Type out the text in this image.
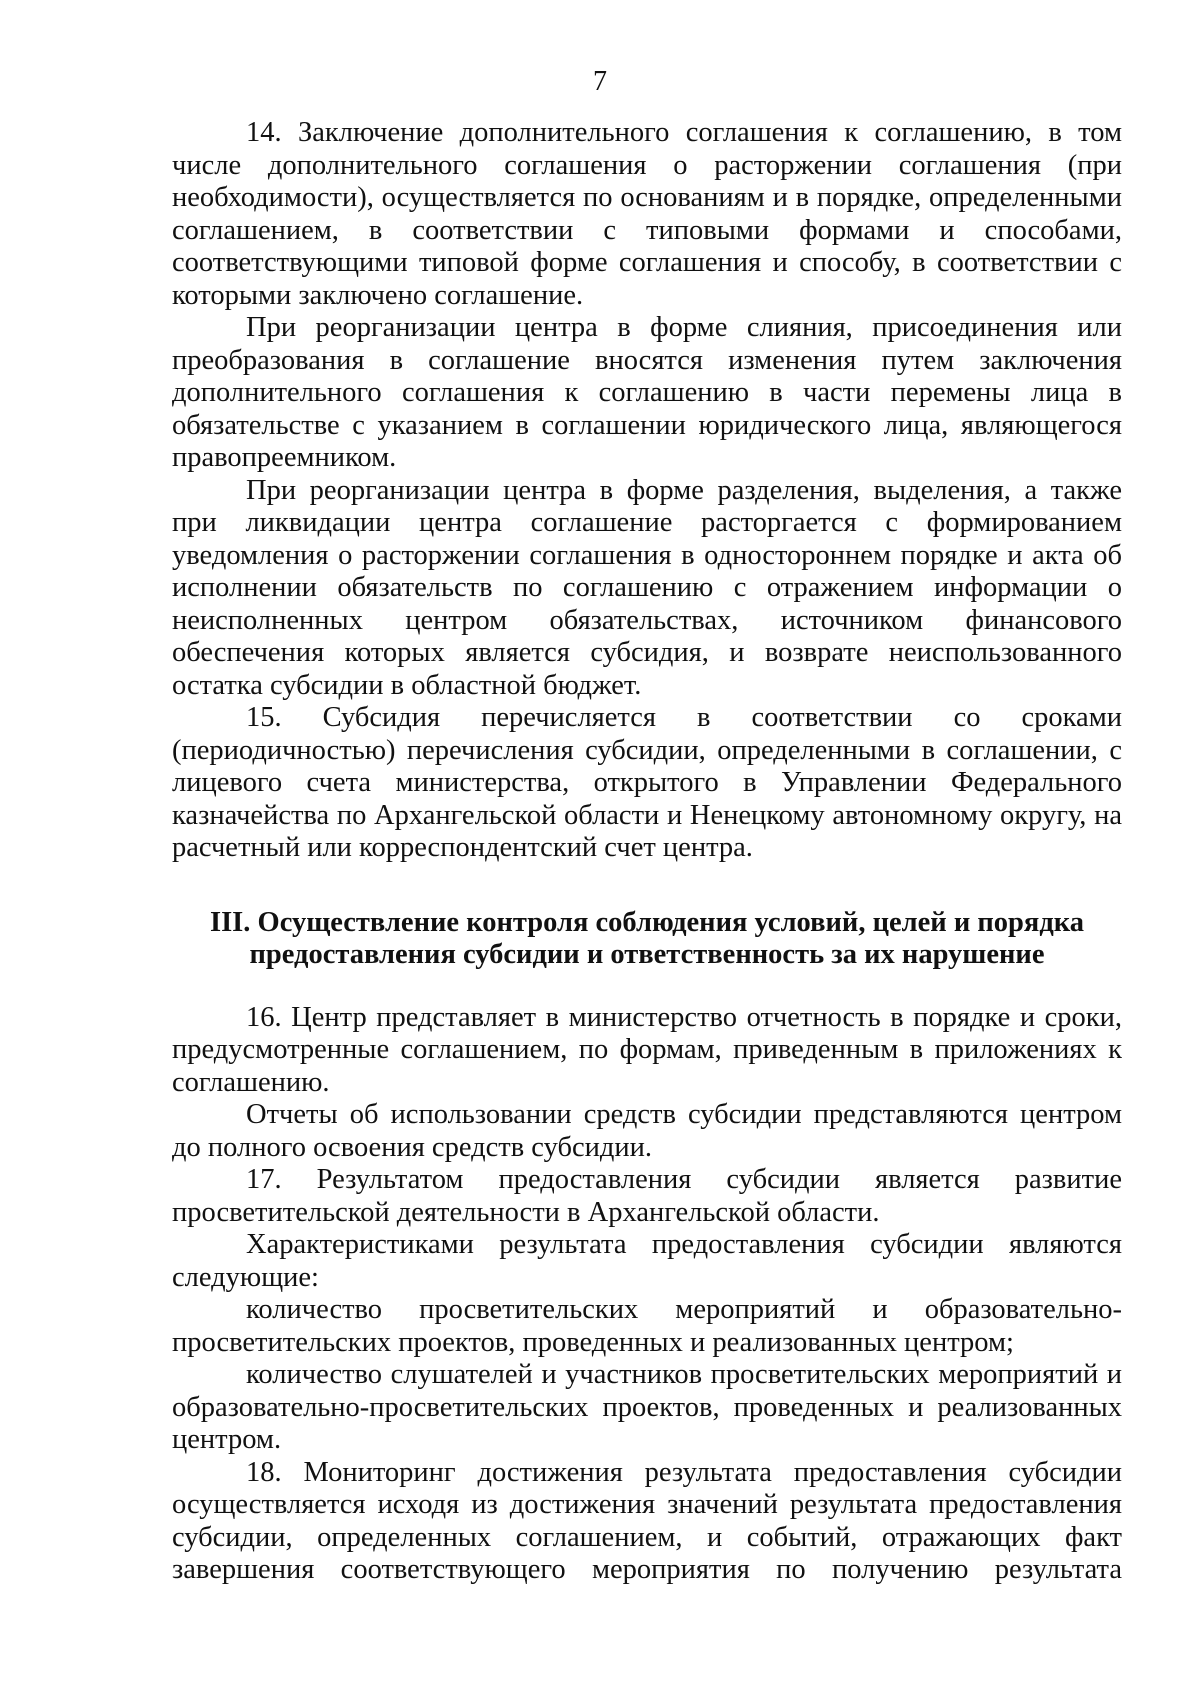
7

14. Заключение дополнительного соглашения к соглашению, в том числе дополнительного соглашения о расторжении соглашения (при необходимости), осуществляется по основаниям и в порядке, определенными соглашением, в соответствии с типовыми формами и способами, соответствующими типовой форме соглашения и способу, в соответствии с которыми заключено соглашение.

При реорганизации центра в форме слияния, присоединения или преобразования в соглашение вносятся изменения путем заключения дополнительного соглашения к соглашению в части перемены лица в обязательстве с указанием в соглашении юридического лица, являющегося правопреемником.

При реорганизации центра в форме разделения, выделения, а также при ликвидации центра соглашение расторгается с формированием уведомления о расторжении соглашения в одностороннем порядке и акта об исполнении обязательств по соглашению с отражением информации о неисполненных центром обязательствах, источником финансового обеспечения которых является субсидия, и возврате неиспользованного остатка субсидии в областной бюджет.

15. Субсидия перечисляется в соответствии со сроками (периодичностью) перечисления субсидии, определенными в соглашении, с лицевого счета министерства, открытого в Управлении Федерального казначейства по Архангельской области и Ненецкому автономному округу, на расчетный или корреспондентский счет центра.

III. Осуществление контроля соблюдения условий, целей и порядка

предоставления субсидии и ответственность за их нарушение

16. Центр представляет в министерство отчетность в порядке и сроки, предусмотренные соглашением, по формам, приведенным в приложениях к соглашению.

Отчеты об использовании средств субсидии представляются центром до полного освоения средств субсидии.

17. Результатом предоставления субсидии является развитие просветительской деятельности в Архангельской области.

Характеристиками результата предоставления субсидии являются следующие:

количество просветительских мероприятий и образовательно-просветительских проектов, проведенных и реализованных центром;

количество слушателей и участников просветительских мероприятий и образовательно-просветительских проектов, проведенных и реализованных центром.

18. Мониторинг достижения результата предоставления субсидии осуществляется исходя из достижения значений результата предоставления субсидии, определенных соглашением, и событий, отражающих факт завершения соответствующего мероприятия по получению результата
